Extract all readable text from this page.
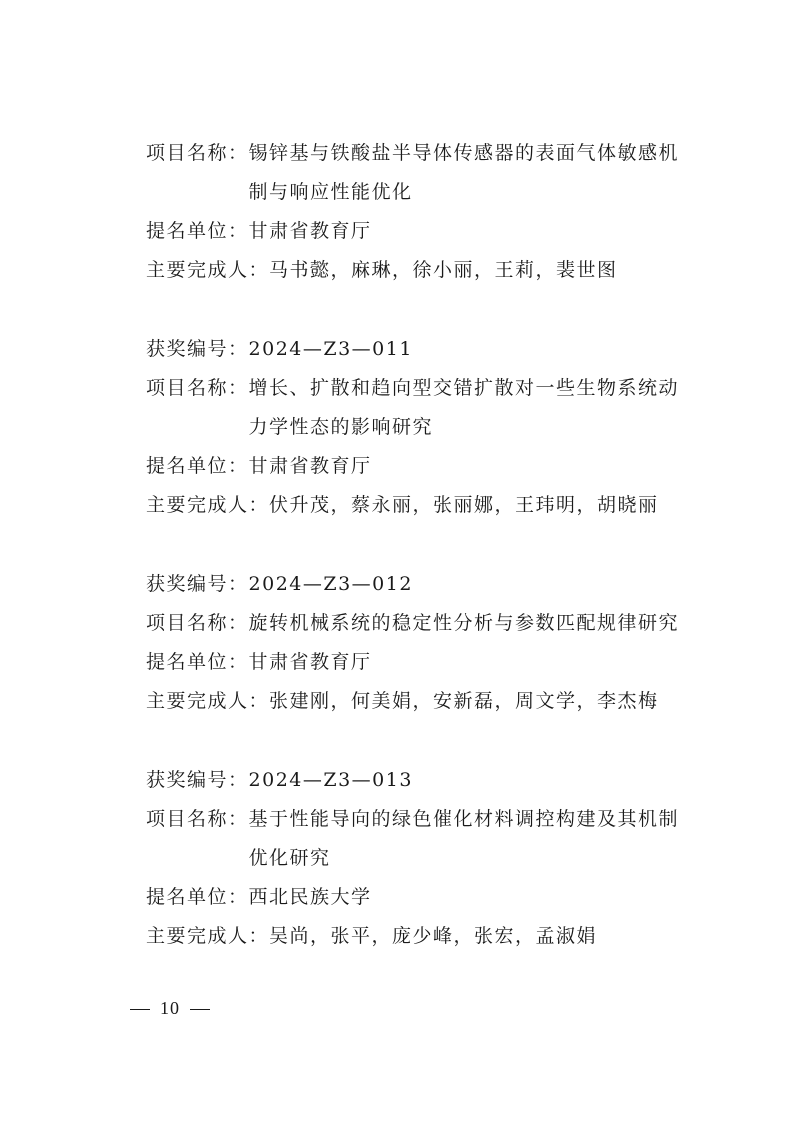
项目名称： 锡锌基与铁酸盐半导体传感器的表面气体敏感机制与响应性能优化
提名单位： 甘肃省教育厅
主要完成人： 马书懿，麻琳，徐小丽，王莉，裴世图
获奖编号： 2024—Z3—011
项目名称： 增长、扩散和趋向型交错扩散对一些生物系统动力学性态的影响研究
提名单位： 甘肃省教育厅
主要完成人： 伏升茂，蔡永丽，张丽娜，王玮明，胡晓丽
获奖编号： 2024—Z3—012
项目名称： 旋转机械系统的稳定性分析与参数匹配规律研究
提名单位： 甘肃省教育厅
主要完成人： 张建刚，何美娟，安新磊，周文学，李杰梅
获奖编号： 2024—Z3—013
项目名称： 基于性能导向的绿色催化材料调控构建及其机制优化研究
提名单位： 西北民族大学
主要完成人： 吴尚，张平，庞少峰，张宏，孟淑娟
10
